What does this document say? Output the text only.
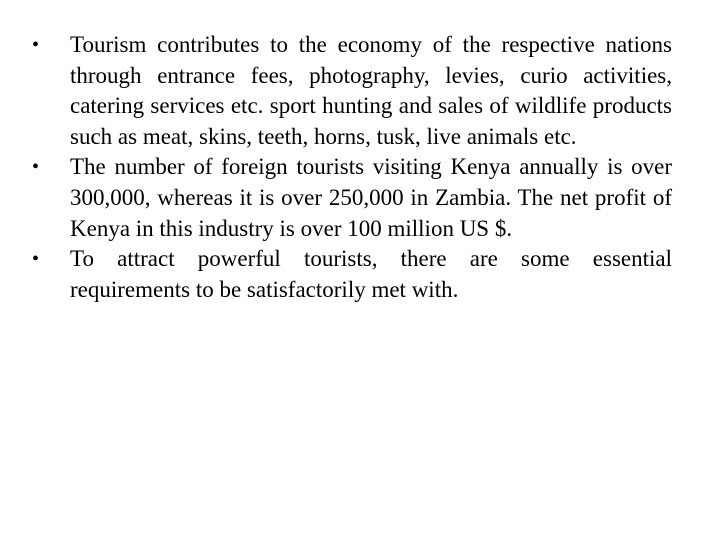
•	Tourism contributes to the economy of the respective nations through entrance fees, photography, levies, curio activities, catering services etc. sport hunting and sales of wildlife products such as meat, skins, teeth, horns, tusk, live animals etc.
•	The number of foreign tourists visiting Kenya annually is over 300,000, whereas it is over 250,000 in Zambia. The net profit of Kenya in this industry is over 100 million US $.
•	To attract powerful tourists, there are some essential requirements to be satisfactorily met with.
